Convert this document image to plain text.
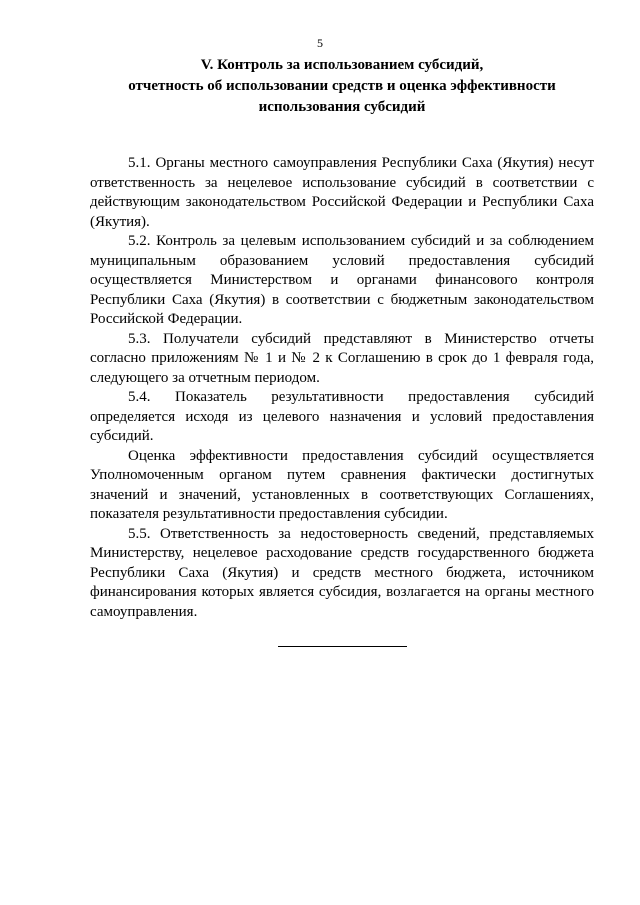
5
V. Контроль за использованием субсидий,
отчетность об использовании средств и оценка эффективности
использования субсидий

5.1. Органы местного самоуправления Республики Саха (Якутия) несут ответственность за нецелевое использование субсидий в соответствии с действующим законодательством Российской Федерации и Республики Саха (Якутия).

5.2. Контроль за целевым использованием субсидий и за соблюдением муниципальным образованием условий предоставления субсидий осуществляется Министерством и органами финансового контроля Республики Саха (Якутия) в соответствии с бюджетным законодательством Российской Федерации.

5.3. Получатели субсидий представляют в Министерство отчеты согласно приложениям № 1 и № 2 к Соглашению в срок до 1 февраля года, следующего за отчетным периодом.

5.4. Показатель результативности предоставления субсидий определяется исходя из целевого назначения и условий предоставления субсидий.

Оценка эффективности предоставления субсидий осуществляется Уполномоченным органом путем сравнения фактически достигнутых значений и значений, установленных в соответствующих Соглашениях, показателя результативности предоставления субсидии.

5.5. Ответственность за недостоверность сведений, представляемых Министерству, нецелевое расходование средств государственного бюджета Республики Саха (Якутия) и средств местного бюджета, источником финансирования которых является субсидия, возлагается на органы местного самоуправления.
